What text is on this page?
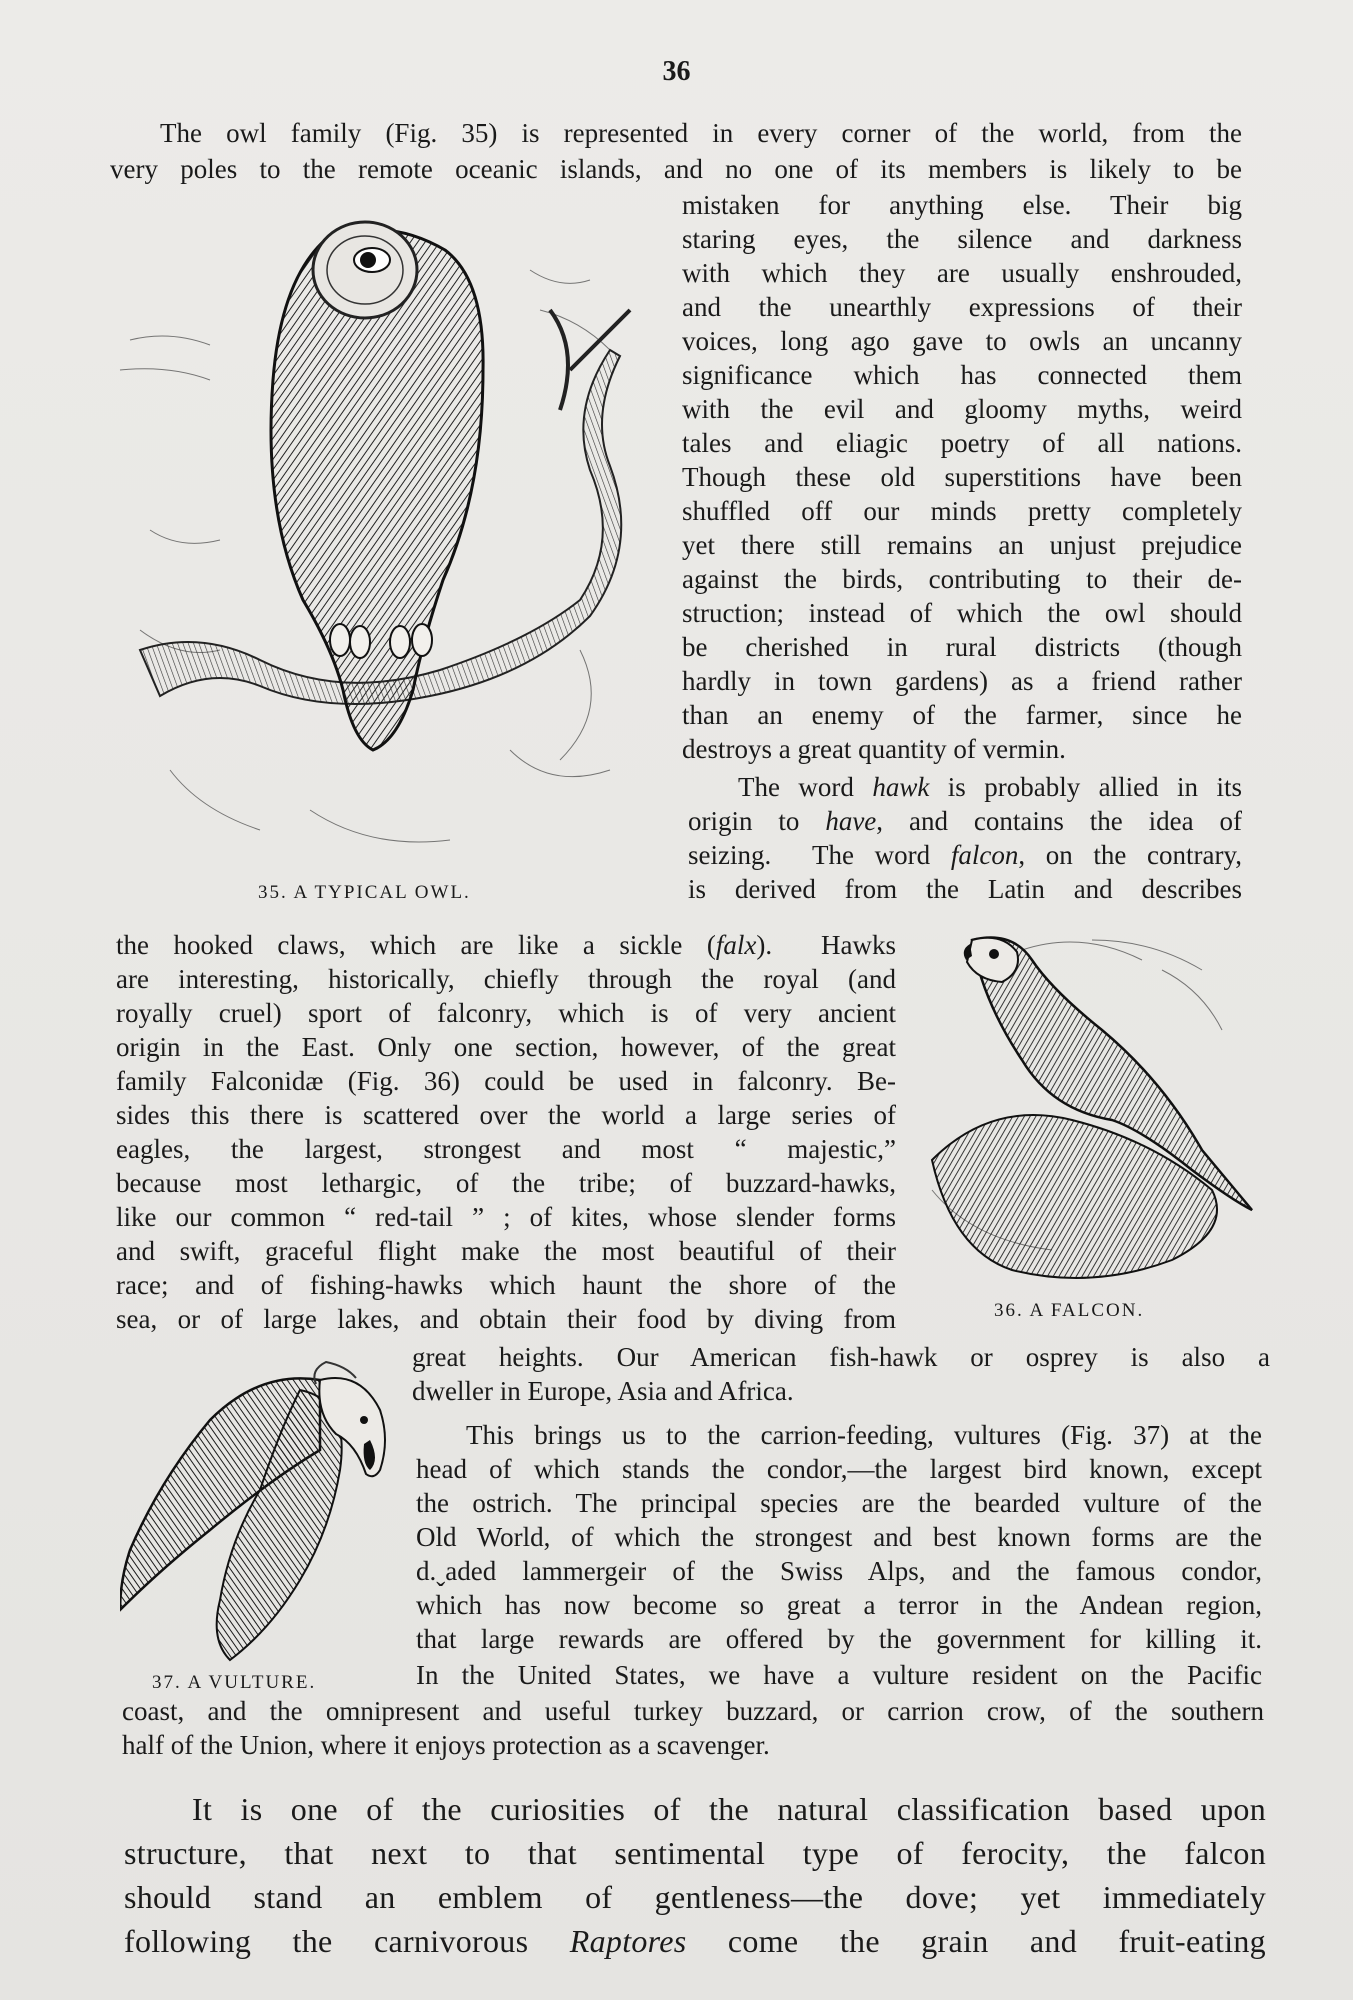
36
The owl family (Fig. 35) is represented in every corner of the world, from the
very poles to the remote oceanic islands, and no one of its members is likely to be
mistaken for anything else. Their big
staring eyes, the silence and darkness
with which they are usually enshrouded,
and the unearthly expressions of their
voices, long ago gave to owls an uncanny
significance which has connected them
with the evil and gloomy myths, weird
tales and eliagic poetry of all nations.
Though these old superstitions have been
shuffled off our minds pretty completely
yet there still remains an unjust prejudice
against the birds, contributing to their de-
struction; instead of which the owl should
be cherished in rural districts (though
hardly in town gardens) as a friend rather
than an enemy of the farmer, since he
destroys a great quantity of vermin.
The word hawk is probably allied in its
origin to have, and contains the idea of
seizing.  The word falcon, on the contrary,
is derived from the Latin and describes
the hooked claws, which are like a sickle (falx).  Hawks
are interesting, historically, chiefly through the royal (and
royally cruel) sport of falconry, which is of very ancient
origin in the East. Only one section, however, of the great
family Falconidæ (Fig. 36) could be used in falconry. Be-
sides this there is scattered over the world a large series of
eagles, the largest, strongest and most “ majestic,”
because most lethargic, of the tribe; of buzzard-hawks,
like our common “ red-tail ” ; of kites, whose slender forms
and swift, graceful flight make the most beautiful of their
race; and of fishing-hawks which haunt the shore of the
sea, or of large lakes, and obtain their food by diving from
great heights. Our American fish-hawk or osprey is also a
dweller in Europe, Asia and Africa.
This brings us to the carrion-feeding, vultures (Fig. 37) at the
head of which stands the condor,—the largest bird known, except
the ostrich. The principal species are the bearded vulture of the
Old World, of which the strongest and best known forms are the
d.ˬaded lammergeir of the Swiss Alps, and the famous condor,
which has now become so great a terror in the Andean region,
that large rewards are offered by the government for killing it.
In the United States, we have a vulture resident on the Pacific
coast, and the omnipresent and useful turkey buzzard, or carrion crow, of the southern
half of the Union, where it enjoys protection as a scavenger.
It is one of the curiosities of the natural classification based upon
structure, that next to that sentimental type of ferocity, the falcon
should stand an emblem of gentleness—the dove; yet immediately
following the carnivorous Raptores come the grain and fruit-eating
35. A TYPICAL OWL.
36. A FALCON.
37. A VULTURE.
